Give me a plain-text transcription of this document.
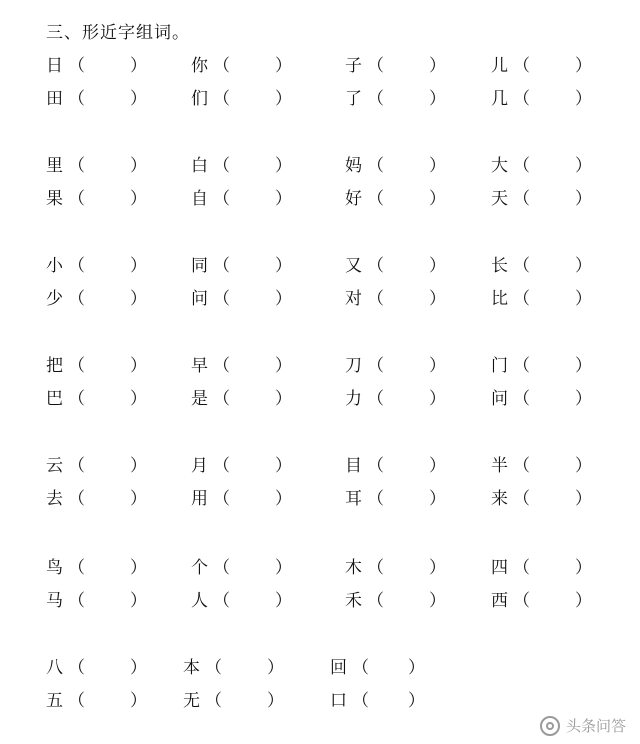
三、形近字组词。
日 （	）	你 （	）	子 （	）	儿 （	）
田 （	）	们 （	）	了 （	）	几 （	）
里 （	）	白 （	）	妈 （	）	大 （	）
果 （	）	自 （	）	好 （	）	天 （	）
小 （	）	同 （	）	又 （	）	长 （	）
少 （	）	问 （	）	对 （	）	比 （	）
把 （	）	早 （	）	刀 （	）	门 （	）
巴 （	）	是 （	）	力 （	）	问 （	）
云 （	）	月 （	）	目 （	）	半 （	）
去 （	）	用 （	）	耳 （	）	来 （	）
鸟 （	）	个 （	）	木 （	）	四 （	）
马 （	）	人 （	）	禾 （	）	西 （	）
八 （	） 本 （	）	回 （ ）
五 （	） 无 （	）	口 （ ）
头条问答
